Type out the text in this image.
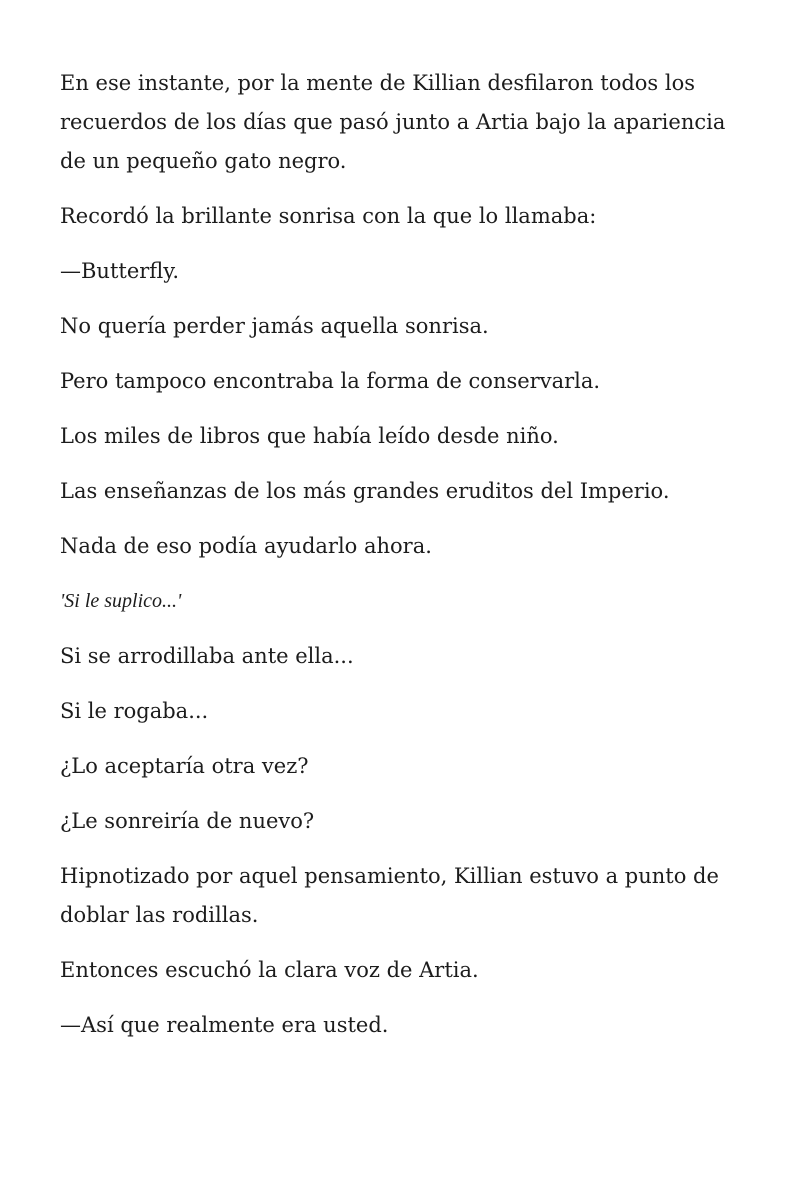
En ese instante, por la mente de Killian desfilaron todos los recuerdos de los días que pasó junto a Artia bajo la apariencia de un pequeño gato negro.

Recordó la brillante sonrisa con la que lo llamaba:

—Butterfly.

No quería perder jamás aquella sonrisa.

Pero tampoco encontraba la forma de conservarla.

Los miles de libros que había leído desde niño.

Las enseñanzas de los más grandes eruditos del Imperio.

Nada de eso podía ayudarlo ahora.

'Si le suplico...'

Si se arrodillaba ante ella...

Si le rogaba...

¿Lo aceptaría otra vez?

¿Le sonreiría de nuevo?

Hipnotizado por aquel pensamiento, Killian estuvo a punto de doblar las rodillas.

Entonces escuchó la clara voz de Artia.

—Así que realmente era usted.
